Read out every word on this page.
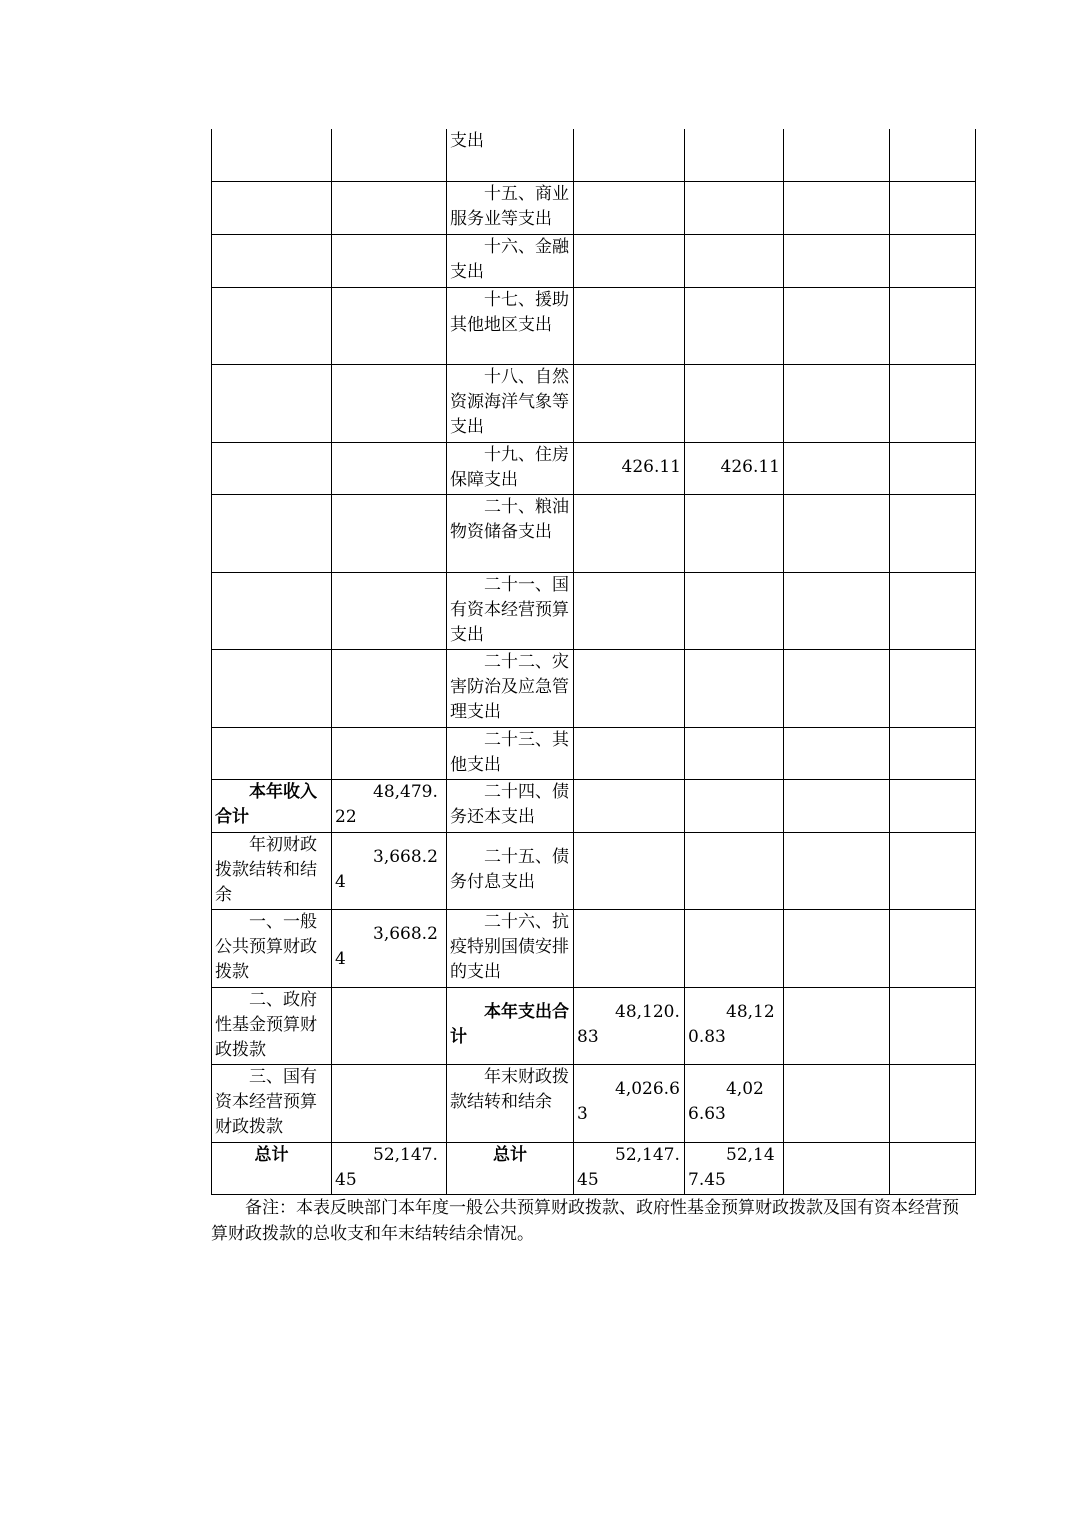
		支出				
		十五、商业服务业等支出				
		十六、金融支出				
		十七、援助其他地区支出				
		十八、自然资源海洋气象等支出				
		十九、住房保障支出	426.11	426.11		
		二十、粮油物资储备支出				
		二十一、国有资本经营预算支出				
		二十二、灾害防治及应急管理支出				
		二十三、其他支出				
本年收入合计	48,479.22	二十四、债务还本支出				
年初财政拨款结转和结余	3,668.24	二十五、债务付息支出				
一、一般公共预算财政拨款	3,668.24	二十六、抗疫特别国债安排的支出				
二、政府性基金预算财政拨款		本年支出合计	48,120.83	48,120.83		
三、国有资本经营预算财政拨款		年末财政拨款结转和结余	4,026.63	4,026.63		
总计	52,147.45	总计	52,147.45	52,147.45		
备注：本表反映部门本年度一般公共预算财政拨款、政府性基金预算财政拨款及国有资本经营预算财政拨款的总收支和年末结转结余情况。
